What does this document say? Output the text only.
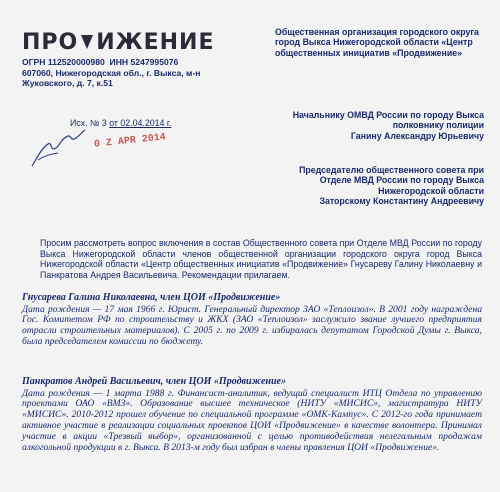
ПРО ИЖЕНИЕ
ОГРН 112520000980 ИНН 5247995076
607060, Нижегородская обл., г. Выкса, м-н
Жуковского, д. 7, к.51
Общественная организация городского округа город Выкса Нижегородской области «Центр общественных инициатив «Продвижение»
Исх. № 3 от 02.04.2014 г.
0 Z APR 2014
Начальнику ОМВД России по городу Выкса
полковнику полиции
Ганину Александру Юрьевичу
Председателю общественного совета при
Отделе МВД России по городу Выкса
Нижегородской области
Заторскому Константину Андреевичу
Просим рассмотреть вопрос включения в состав Общественного совета при Отделе МВД России по городу Выкса Нижегородской области членов общественной организации городского округа город Выкса Нижегородской области «Центр общественных инициатив «Продвижение» Гнусареву Галину Николаевну и Панкратова Андрея Васильевича. Рекомендации прилагаем.
Гнусарева Галина Николаевна, член ЦОИ «Продвижение»
Дата рождения — 17 мая 1966 г. Юрист. Генеральный директор ЗАО «Теплоизол». В 2001 году награждена Гос. Комитетом РФ по строительству и ЖКХ (ЗАО «Теплоизол» заслужило звание лучшего предприятия отрасли строительных материалов). С 2005 г. по 2009 г. избиралась депутатом Городской Думы г. Выкса, была председателем комиссии по бюджету.
Панкратов Андрей Васильевич, член ЦОИ «Продвижение»
Дата рождения — 1 марта 1988 г. Финансист-аналитик, ведущий специалист ИТЦ Отдела по управлению проектами ОАО «ВМЗ». Образование высшее техническое (НИТУ «МИСИС», магистратура НИТУ «МИСИС». 2010-2012 прошел обучение по специальной программе «ОМК-Кампус». С 2012-го года принимает активное участие в реализации социальных проектов ЦОИ «Продвижение» в качестве волонтера. Принимал участие в акции «Трезвый выбор», организованной с целью противодействия нелегальным продажам алкогольной продукции в г. Выкса. В 2013-м году был избран в члены правления ЦОИ «Продвижение».
